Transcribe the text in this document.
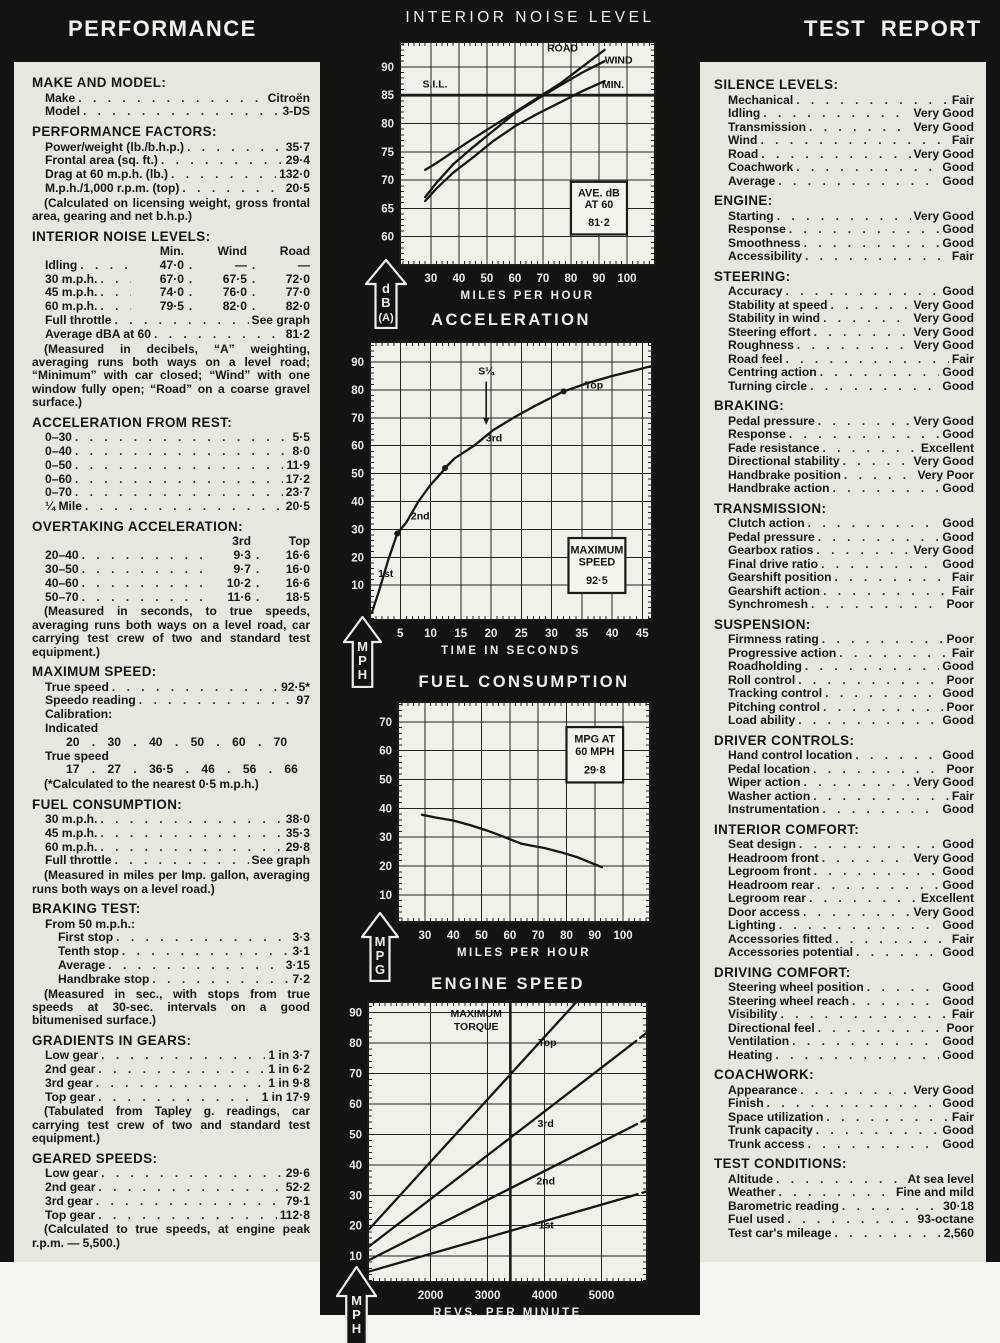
PERFORMANCE	INTERIOR NOISE LEVEL	TEST REPORT
MAKE AND MODEL:
Make . . .	Citroën
Model . . .	3-DS
PERFORMANCE FACTORS:
Power/weight (lb./b.h.p.) . . .	35·7
Frontal area (sq. ft.) . . .	29·4
Drag at 60 m.p.h. (lb.) . . .	132·0
M.p.h./1,000 r.p.m. (top) . . .	20·5
(Calculated on licensing weight, gross frontal area, gearing and net b.h.p.)
INTERIOR NOISE LEVELS:
Min.	Wind	Road
Idling . . .	47·0 .	— .	—
30 m.p.h. . . .	67·0 .	67·5 .	72·0
45 m.p.h. . . .	74·0 .	76·0 .	77·0
60 m.p.h. . . .	79·5 .	82·0 .	82·0
Full throttle . . .	See graph
Average dBA at 60 . . .	81·2
(Measured in decibels, “A” weighting, averaging runs both ways on a level road; “Minimum” with car closed; “Wind” with one window fully open; “Road” on a coarse gravel surface.)
ACCELERATION FROM REST:
0–30 . . .	5·5
0–40 . . .	8·0
0–50 . . .	11·9
0–60 . . .	17·2
0–70 . . .	23·7
¼ Mile . . .	20·5
OVERTAKING ACCELERATION:
3rd	Top
20–40 . . .	9·3 .	16·6
30–50 . . .	9·7 .	16·0
40–60 . . .	10·2 .	16·6
50–70 . . .	11·6 .	18·5
(Measured in seconds, to true speeds, averaging runs both ways on a level road, car carrying test crew of two and standard test equipment.)
MAXIMUM SPEED:
True speed . . .	92·5*
Speedo reading . . .	97
Calibration:
Indicated
20 . 30 . 40 . 50 . 60 . 70
True speed
17 . 27 . 36·5 . 46 . 56 . 66
(*Calculated to the nearest 0·5 m.p.h.)
FUEL CONSUMPTION:
30 m.p.h. . . .	38·0
45 m.p.h. . . .	35·3
60 m.p.h. . . .	29·8
Full throttle . . .	See graph
(Measured in miles per Imp. gallon, averaging runs both ways on a level road.)
BRAKING TEST:
From 50 m.p.h.:
First stop . . .	3·3
Tenth stop . . .	3·1
Average . . .	3·15
Handbrake stop . . .	7·2
(Measured in sec., with stops from true speeds at 30-sec. intervals on a good bitumenised surface.)
GRADIENTS IN GEARS:
Low gear . . .	1 in 3·7
2nd gear . . .	1 in 6·2
3rd gear . . .	1 in 9·8
Top gear . . .	1 in 17·9
(Tabulated from Tapley g. readings, car carrying test crew of two and standard test equipment.)
GEARED SPEEDS:
Low gear . . .	29·6
2nd gear . . .	52·2
3rd gear . . .	79·1
Top gear . . .	112·8
(Calculated to true speeds, at engine peak r.p.m. — 5,500.)
SILENCE LEVELS:
Mechanical . . .	Fair
Idling . . .	Very Good
Transmission . . .	Very Good
Wind . . .	Fair
Road . . .	Very Good
Coachwork . . .	Good
Average . . .	Good
ENGINE:
Starting . . .	Very Good
Response . . .	Good
Smoothness . . .	Good
Accessibility . . .	Fair
STEERING:
Accuracy . . .	Good
Stability at speed . . .	Very Good
Stability in wind . . .	Very Good
Steering effort . . .	Very Good
Roughness . . .	Very Good
Road feel . . .	Fair
Centring action . . .	Good
Turning circle . . .	Good
BRAKING:
Pedal pressure . . .	Very Good
Response . . .	Good
Fade resistance . . .	Excellent
Directional stability . . .	Very Good
Handbrake position . . .	Very Poor
Handbrake action . . .	Good
TRANSMISSION:
Clutch action . . .	Good
Pedal pressure . . .	Good
Gearbox ratios . . .	Very Good
Final drive ratio . . .	Good
Gearshift position . . .	Fair
Gearshift action . . .	Fair
Synchromesh . . .	Poor
SUSPENSION:
Firmness rating . . .	Poor
Progressive action . . .	Fair
Roadholding . . .	Good
Roll control . . .	Poor
Tracking control . . .	Good
Pitching control . . .	Poor
Load ability . . .	Good
DRIVER CONTROLS:
Hand control location . . .	Good
Pedal location . . .	Poor
Wiper action . . .	Very Good
Washer action . . .	Fair
Instrumentation . . .	Good
INTERIOR COMFORT:
Seat design . . .	Good
Headroom front . . .	Very Good
Legroom front . . .	Good
Headroom rear . . .	Good
Legroom rear . . .	Excellent
Door access . . .	Very Good
Lighting . . .	Good
Accessories fitted . . .	Fair
Accessories potential . . .	Good
DRIVING COMFORT:
Steering wheel position . . .	Good
Steering wheel reach . . .	Good
Visibility . . .	Fair
Directional feel . . .	Poor
Ventilation . . .	Good
Heating . . .	Good
COACHWORK:
Appearance . . .	Very Good
Finish . . .	Good
Space utilization . . .	Fair
Trunk capacity . . .	Good
Trunk access . . .	Good
TEST CONDITIONS:
Altitude . . .	At sea level
Weather . . .	Fine and mild
Barometric reading . . .	30·18
Fuel used . . .	93-octane
Test car's mileage . . .	2,560
S.I.L.
ROAD
WIND
MIN.
AVE. dB
AT 60
81·2
30 40 50 60 70 80 90 100
60
65
70
75
80
85
90
MILES PER HOUR
d
B
(A)
1st
2nd
3rd
Top
MAXIMUM
SPEED
92·5
S¼
5 10 15 20 25 30 35 40 45
10
20
30
40
50
60
70
80
90
TIME IN SECONDS
ACCELERATION
M
P
H
MPG AT
60 MPH
29·8
30 40 50 60 70 80 90 100
10
20
30
40
50
60
70
MILES PER HOUR
FUEL CONSUMPTION
M
P
G
MAXIMUM
TORQUE
Top
3rd
2nd
1st
2000	3000	4000	5000
10
20
30
40
50
60
70
80
90
REVS. PER MINUTE
ENGINE SPEED
M
P
H
